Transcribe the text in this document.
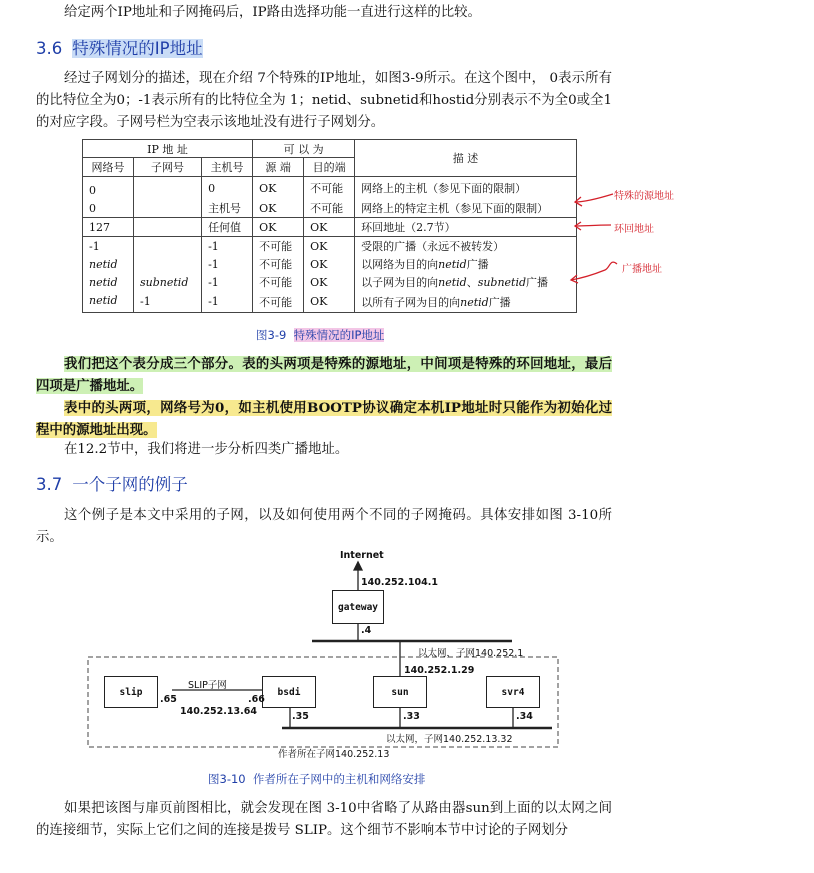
给定两个IP地址和子网掩码后，IP路由选择功能一直进行这样的比较。
3.6 特殊情况的IP地址
经过子网划分的描述，现在介绍 7个特殊的IP地址，如图3-9所示。在这个图中， 0表示所有的比特位全为0；-1表示所有的比特位全为 1；netid、subnetid和hostid分别表示不为全0或全1的对应字段。子网号栏为空表示该地址没有进行子网划分。
IP 地 址			可 以 为		描 述
网络号	子网号	主机号	源 端	目的端	
0		0	OK	不可能	网络上的主机（参见下面的限制）
0		主机号	OK	不可能	网络上的特定主机（参见下面的限制）
127		任何值	OK	OK	环回地址（2.7节）
-1		-1	不可能	OK	受限的广播（永远不被转发）
netid		-1	不可能	OK	以网络为目的向netid广播
netid	subnetid	-1	不可能	OK	以子网为目的向netid、subnetid广播
netid	-1	-1	不可能	OK	以所有子网为目的向netid广播
特殊的源地址
环回地址
广播地址
图3-9 特殊情况的IP地址
我们把这个表分成三个部分。表的头两项是特殊的源地址，中间项是特殊的环回地址，最后四项是广播地址。
表中的头两项，网络号为0，如主机使用BOOTP协议确定本机IP地址时只能作为初始化过程中的源地址出现。
在12.2节中，我们将进一步分析四类广播地址。
3.7 一个子网的例子
这个例子是本文中采用的子网，以及如何使用两个不同的子网掩码。具体安排如图 3-10所示。
Internet
140.252.104.1
gateway
.4
以太网，子网140.252.1
140.252.1.29
SLIP子网
140.252.13.64
slip
.65
bsdi
.66
.35
sun
.33
svr4
.34
以太网，子网140.252.13.32
作者所在子网140.252.13
图3-10 作者所在子网中的主机和网络安排
如果把该图与扉页前图相比，就会发现在图 3-10中省略了从路由器sun到上面的以太网之间的连接细节，实际上它们之间的连接是拨号 SLIP。这个细节不影响本节中讨论的子网划分
